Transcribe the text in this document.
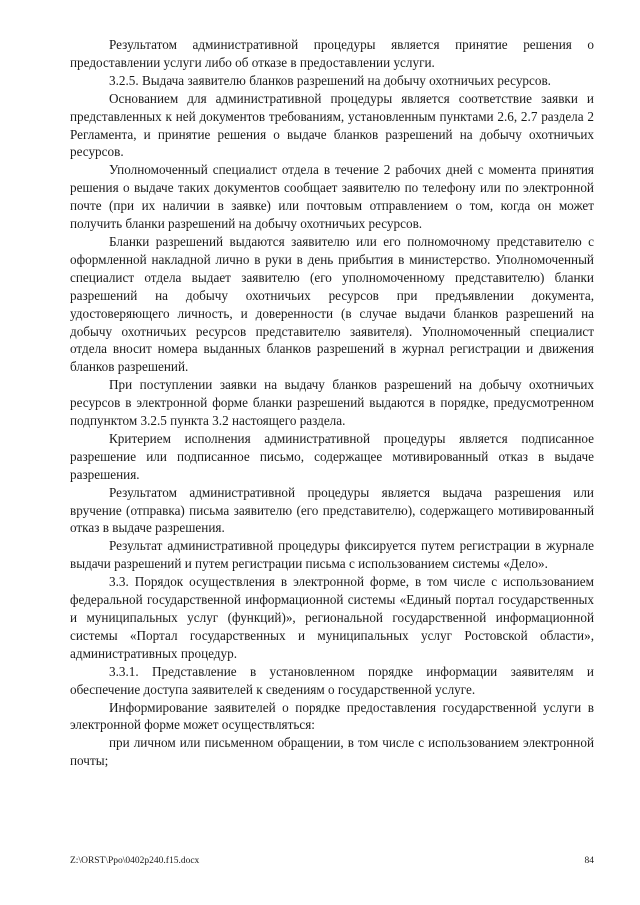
Результатом административной процедуры является принятие решения о предоставлении услуги либо об отказе в предоставлении услуги.

3.2.5. Выдача заявителю бланков разрешений на добычу охотничьих ресурсов.

Основанием для административной процедуры является соответствие заявки и представленных к ней документов требованиям, установленным пунктами 2.6, 2.7 раздела 2 Регламента, и принятие решения о выдаче бланков разрешений на добычу охотничьих ресурсов.

Уполномоченный специалист отдела в течение 2 рабочих дней с момента принятия решения о выдаче таких документов сообщает заявителю по телефону или по электронной почте (при их наличии в заявке) или почтовым отправлением о том, когда он может получить бланки разрешений на добычу охотничьих ресурсов.

Бланки разрешений выдаются заявителю или его полномочному представителю с оформленной накладной лично в руки в день прибытия в министерство. Уполномоченный специалист отдела выдает заявителю (его уполномоченному представителю) бланки разрешений на добычу охотничьих ресурсов при предъявлении документа, удостоверяющего личность, и доверенности (в случае выдачи бланков разрешений на добычу охотничьих ресурсов представителю заявителя). Уполномоченный специалист отдела вносит номера выданных бланков разрешений в журнал регистрации и движения бланков разрешений.

При поступлении заявки на выдачу бланков разрешений на добычу охотничьих ресурсов в электронной форме бланки разрешений выдаются в порядке, предусмотренном подпунктом 3.2.5 пункта 3.2 настоящего раздела.

Критерием исполнения административной процедуры является подписанное разрешение или подписанное письмо, содержащее мотивированный отказ в выдаче разрешения.

Результатом административной процедуры является выдача разрешения или вручение (отправка) письма заявителю (его представителю), содержащего мотивированный отказ в выдаче разрешения.

Результат административной процедуры фиксируется путем регистрации в журнале выдачи разрешений и путем регистрации письма с использованием системы «Дело».

3.3. Порядок осуществления в электронной форме, в том числе с использованием федеральной государственной информационной системы «Единый портал государственных и муниципальных услуг (функций)», региональной государственной информационной системы «Портал государственных и муниципальных услуг Ростовской области», административных процедур.

3.3.1. Представление в установленном порядке информации заявителям и обеспечение доступа заявителей к сведениям о государственной услуге.

Информирование заявителей о порядке предоставления государственной услуги в электронной форме может осуществляться:

при личном или письменном обращении, в том числе с использованием электронной почты;

Z:\ORST\Ppo\0402p240.f15.docx	84
